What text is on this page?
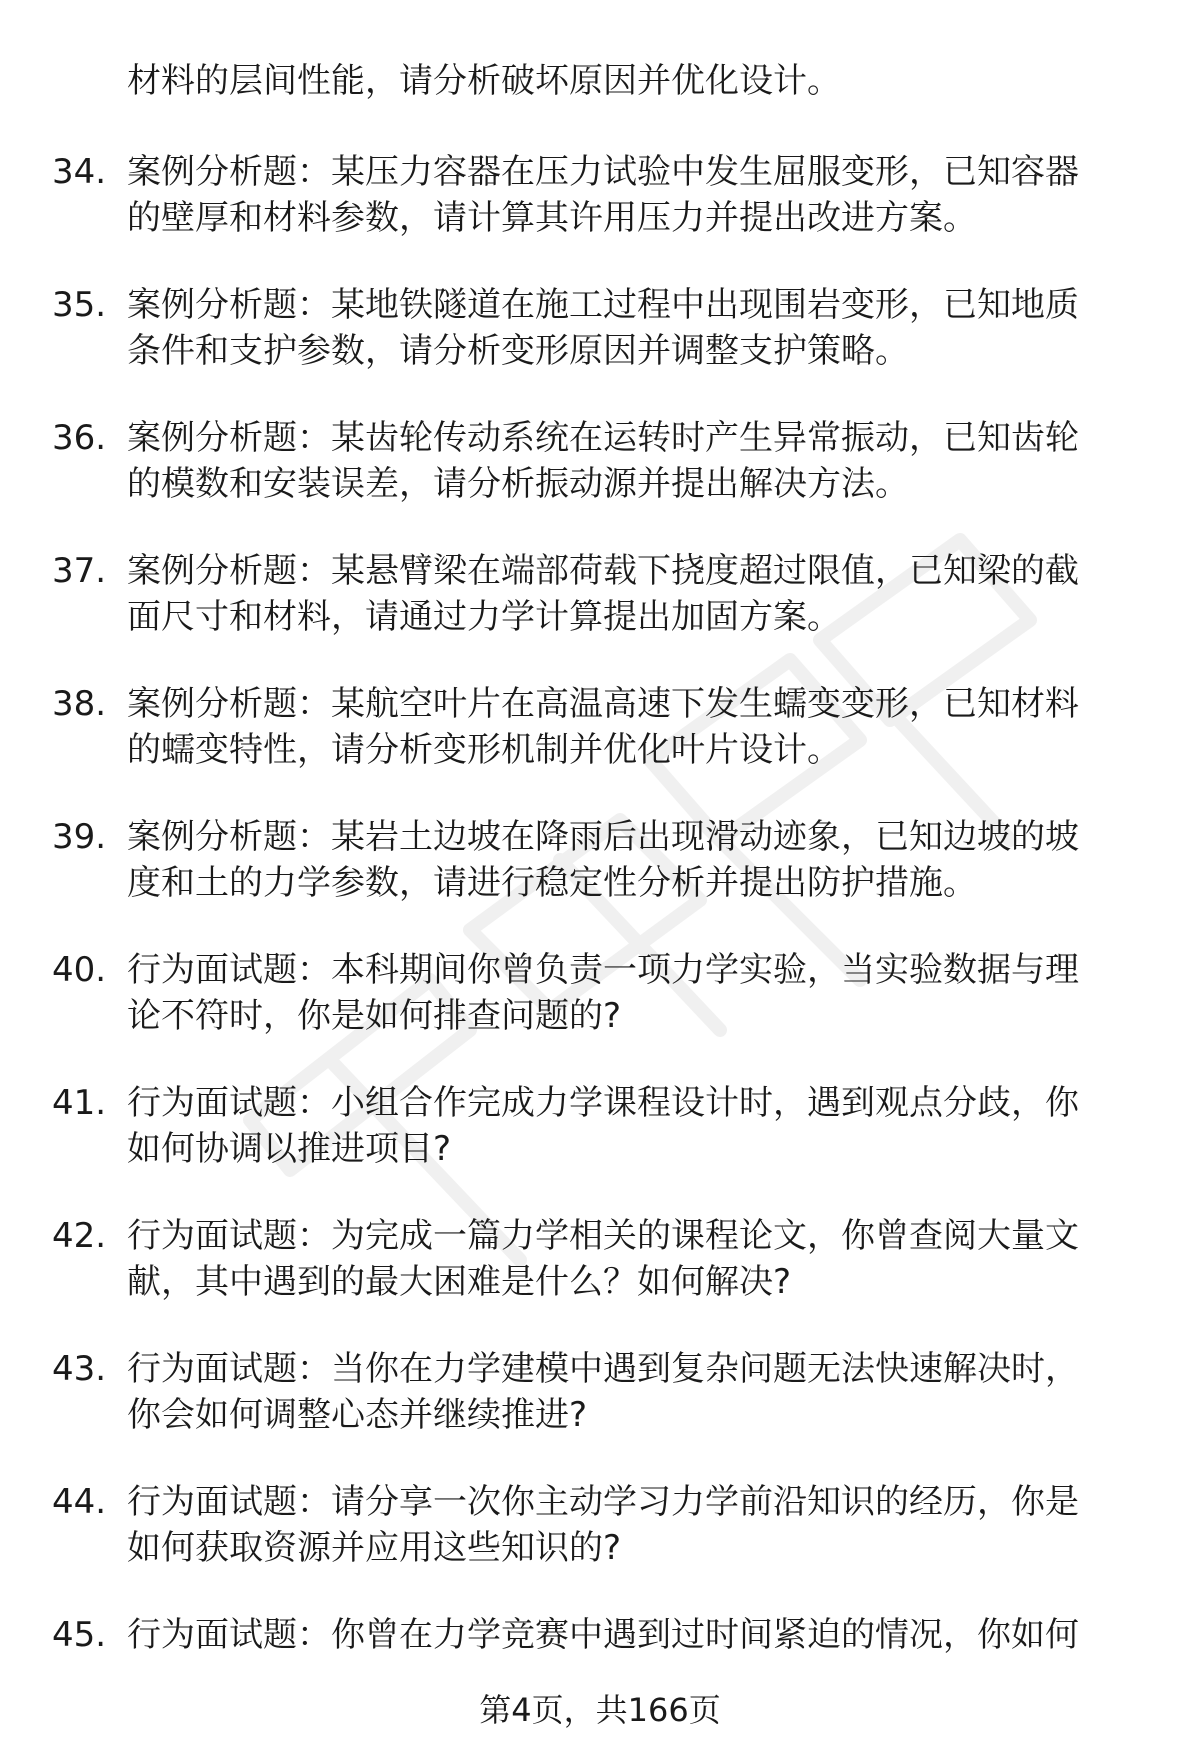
材料的层间性能，请分析破坏原因并优化设计。
34. 案例分析题：某压力容器在压力试验中发生屈服变形，已知容器
的壁厚和材料参数，请计算其许用压力并提出改进方案。
35. 案例分析题：某地铁隧道在施工过程中出现围岩变形，已知地质
条件和支护参数，请分析变形原因并调整支护策略。
36. 案例分析题：某齿轮传动系统在运转时产生异常振动，已知齿轮
的模数和安装误差，请分析振动源并提出解决方法。
37. 案例分析题：某悬臂梁在端部荷载下挠度超过限值，已知梁的截
面尺寸和材料，请通过力学计算提出加固方案。
38. 案例分析题：某航空叶片在高温高速下发生蠕变变形，已知材料
的蠕变特性，请分析变形机制并优化叶片设计。
39. 案例分析题：某岩土边坡在降雨后出现滑动迹象，已知边坡的坡
度和土的力学参数，请进行稳定性分析并提出防护措施。
40. 行为面试题：本科期间你曾负责一项力学实验，当实验数据与理
论不符时，你是如何排查问题的?
41. 行为面试题：小组合作完成力学课程设计时，遇到观点分歧，你
如何协调以推进项目?
42. 行为面试题：为完成一篇力学相关的课程论文，你曾查阅大量文
献，其中遇到的最大困难是什么？如何解决?
43. 行为面试题：当你在力学建模中遇到复杂问题无法快速解决时，
你会如何调整心态并继续推进?
44. 行为面试题：请分享一次你主动学习力学前沿知识的经历，你是
如何获取资源并应用这些知识的?
45. 行为面试题：你曾在力学竞赛中遇到过时间紧迫的情况，你如何
第4页，共166页
